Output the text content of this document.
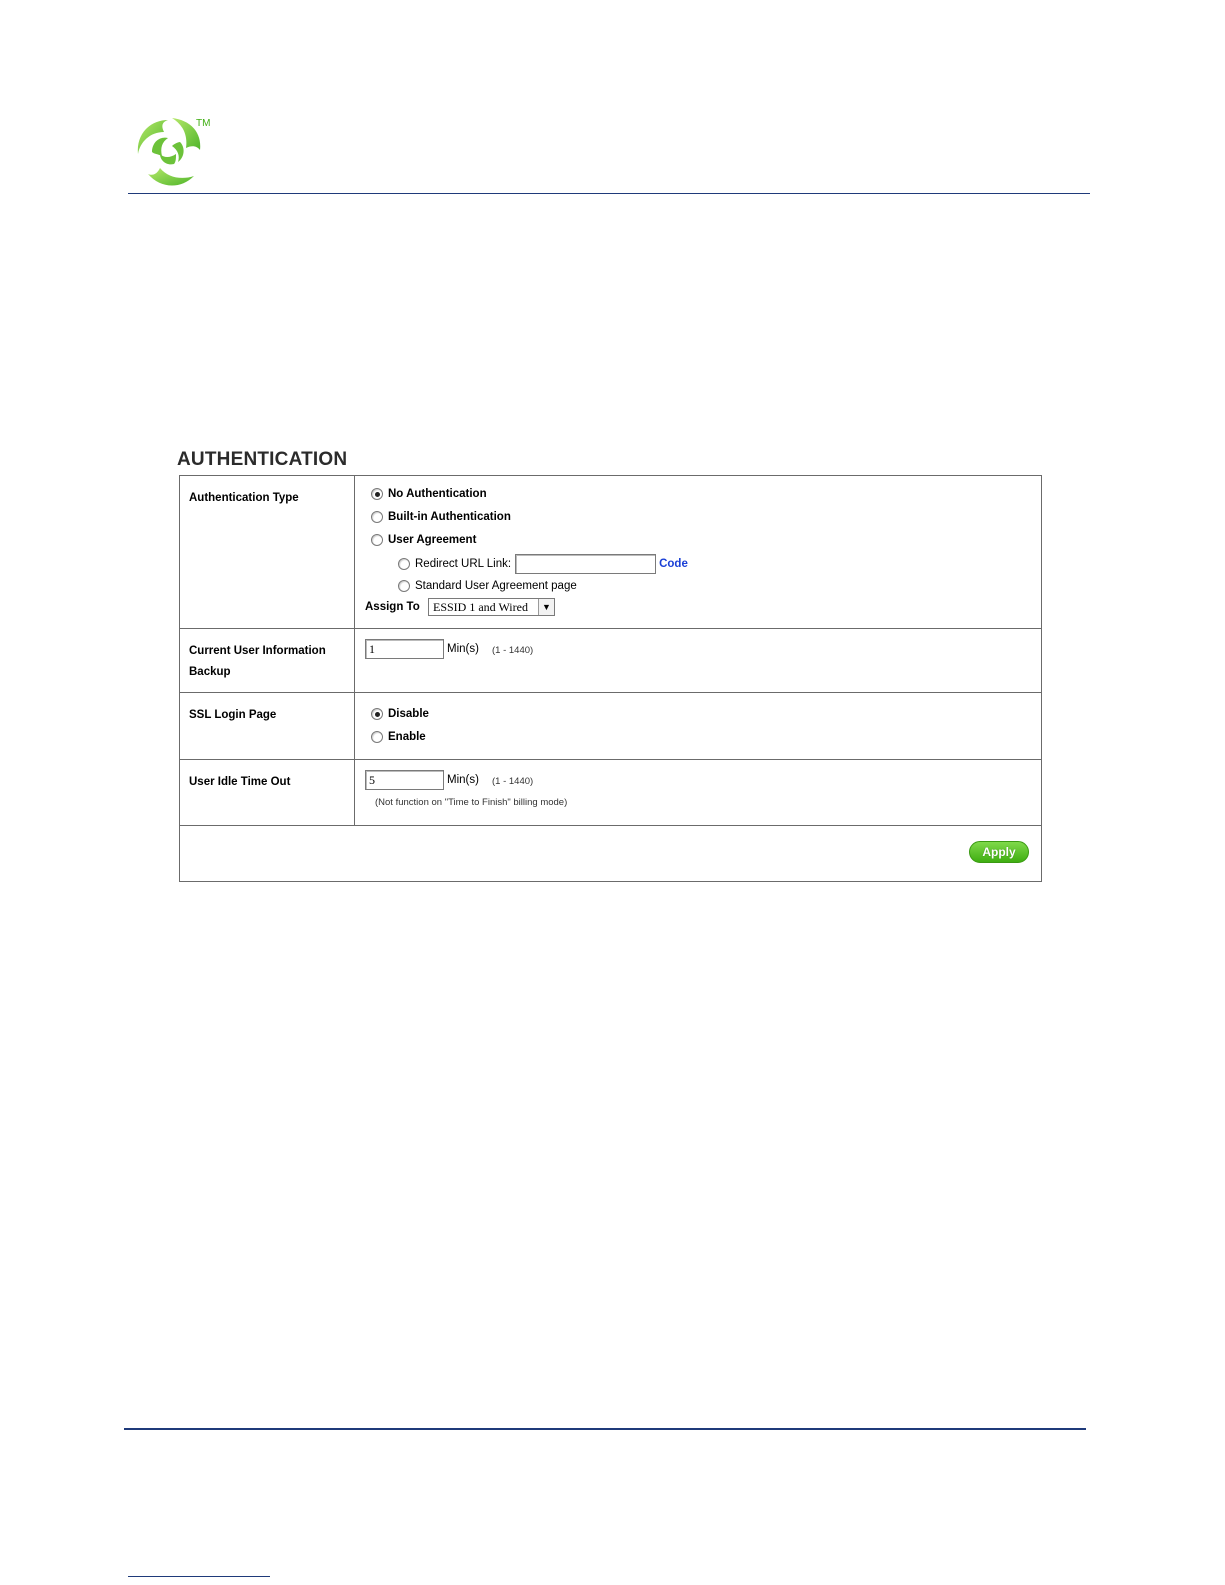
TM
AUTHENTICATION
Authentication Type	No Authentication
Built-in Authentication
User Agreement
Redirect URL Link:	Code
Standard User Agreement page
Assign To	ESSID 1 and Wired	▼
Current User Information
Backup
1	Min(s) (1 - 1440)
SSL Login Page	Disable
Enable
User Idle Time Out	5	Min(s) (1 - 1440)
(Not function on "Time to Finish" billing mode)
Apply
